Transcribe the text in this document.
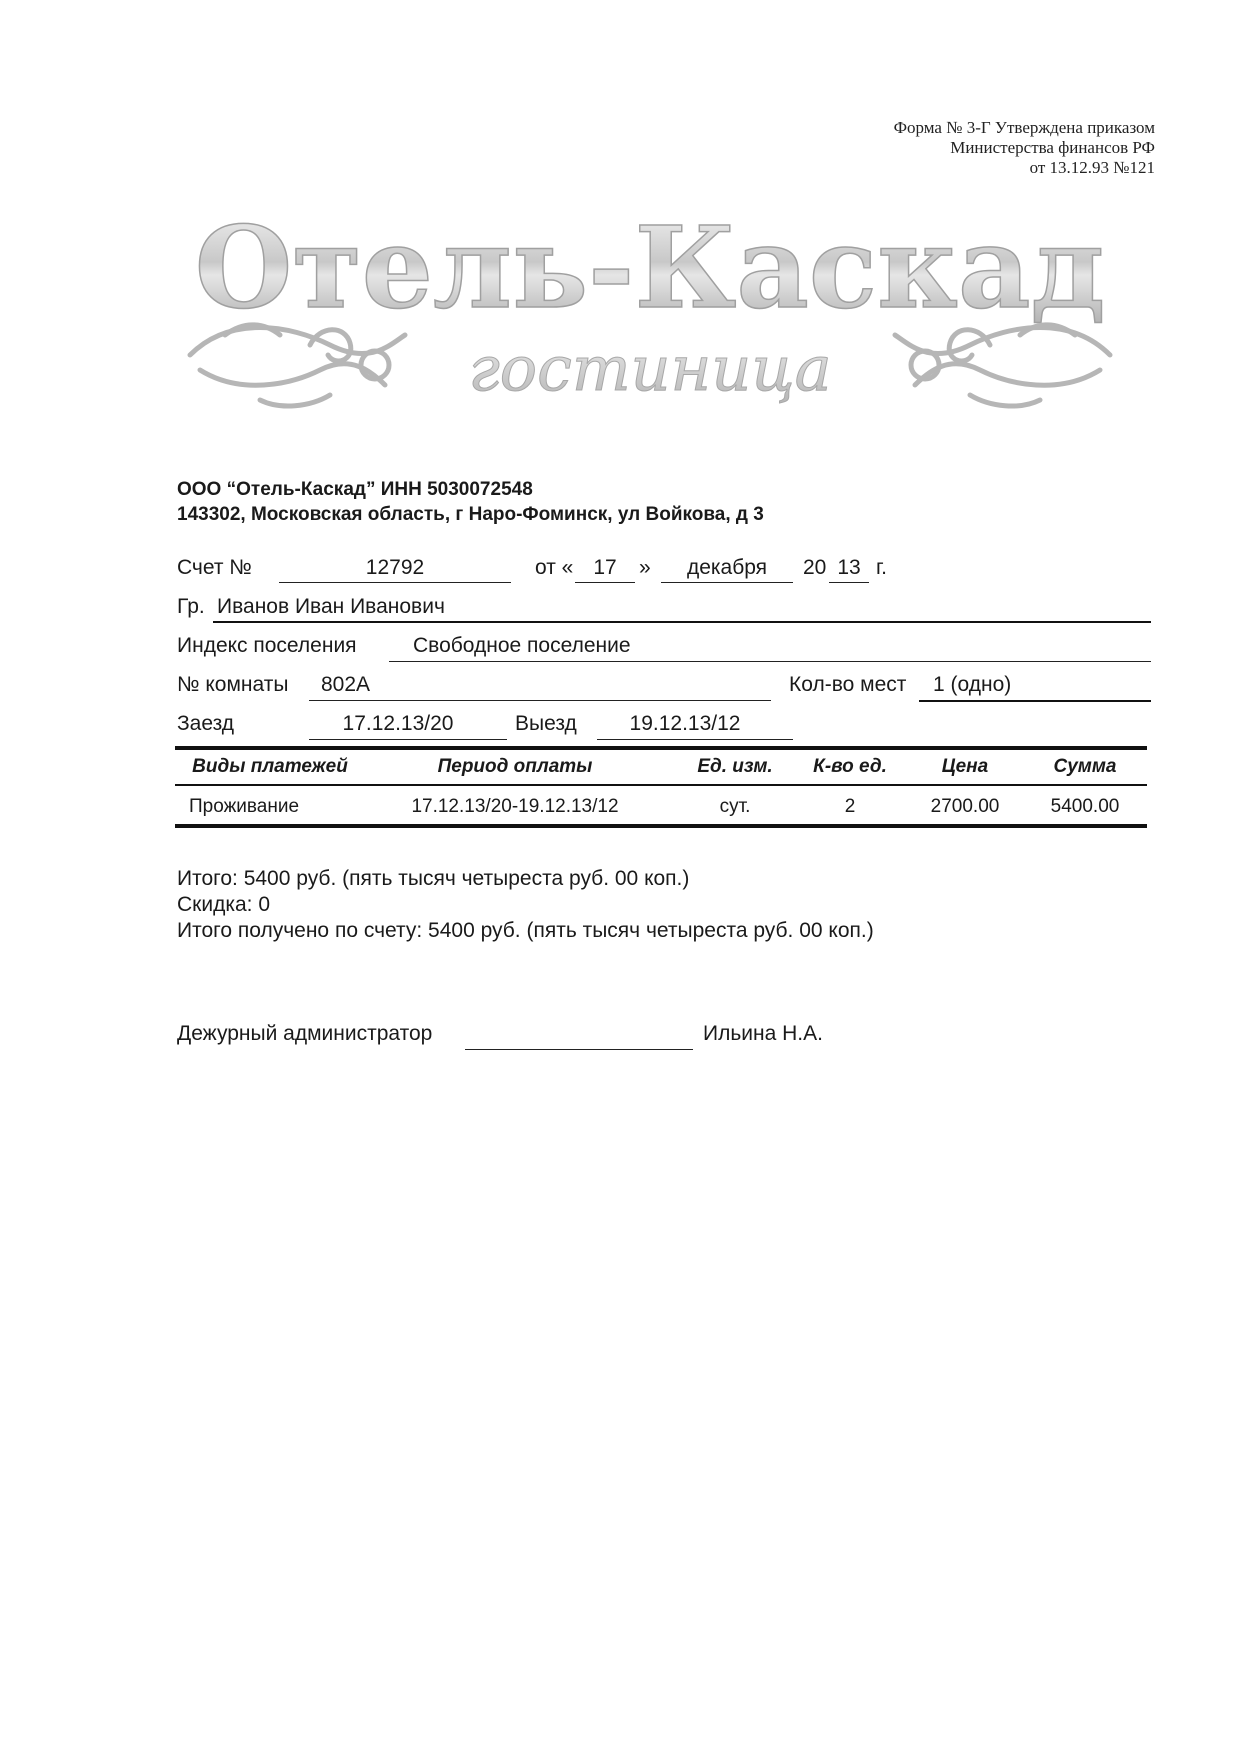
Форма № 3-Г Утверждена приказом
Министерства финансов РФ
от 13.12.93 №121
Отель-Каскад
гостиница
ООО “Отель-Каскад” ИНН 5030072548
143302, Московская область, г Наро-Фоминск, ул Войкова, д 3
Счет №	12792	от « 17	»	декабря	20 13 г.
Гр. Иванов Иван Иванович
Индекс поселения	Свободное поселение
№ комнаты 802А	Кол-во мест 1 (одно)
Заезд	17.12.13/20	Выезд	19.12.13/12
Виды платежей	Период оплаты	Ед. изм.	К-во ед.	Цена	Сумма
Проживание	17.12.13/20-19.12.13/12	сут.	2	2700.00	5400.00
Итого: 5400 руб. (пять тысяч четыреста руб. 00 коп.)
Скидка: 0
Итого получено по счету: 5400 руб. (пять тысяч четыреста руб. 00 коп.)
Дежурный администратор	Ильина Н.А.
